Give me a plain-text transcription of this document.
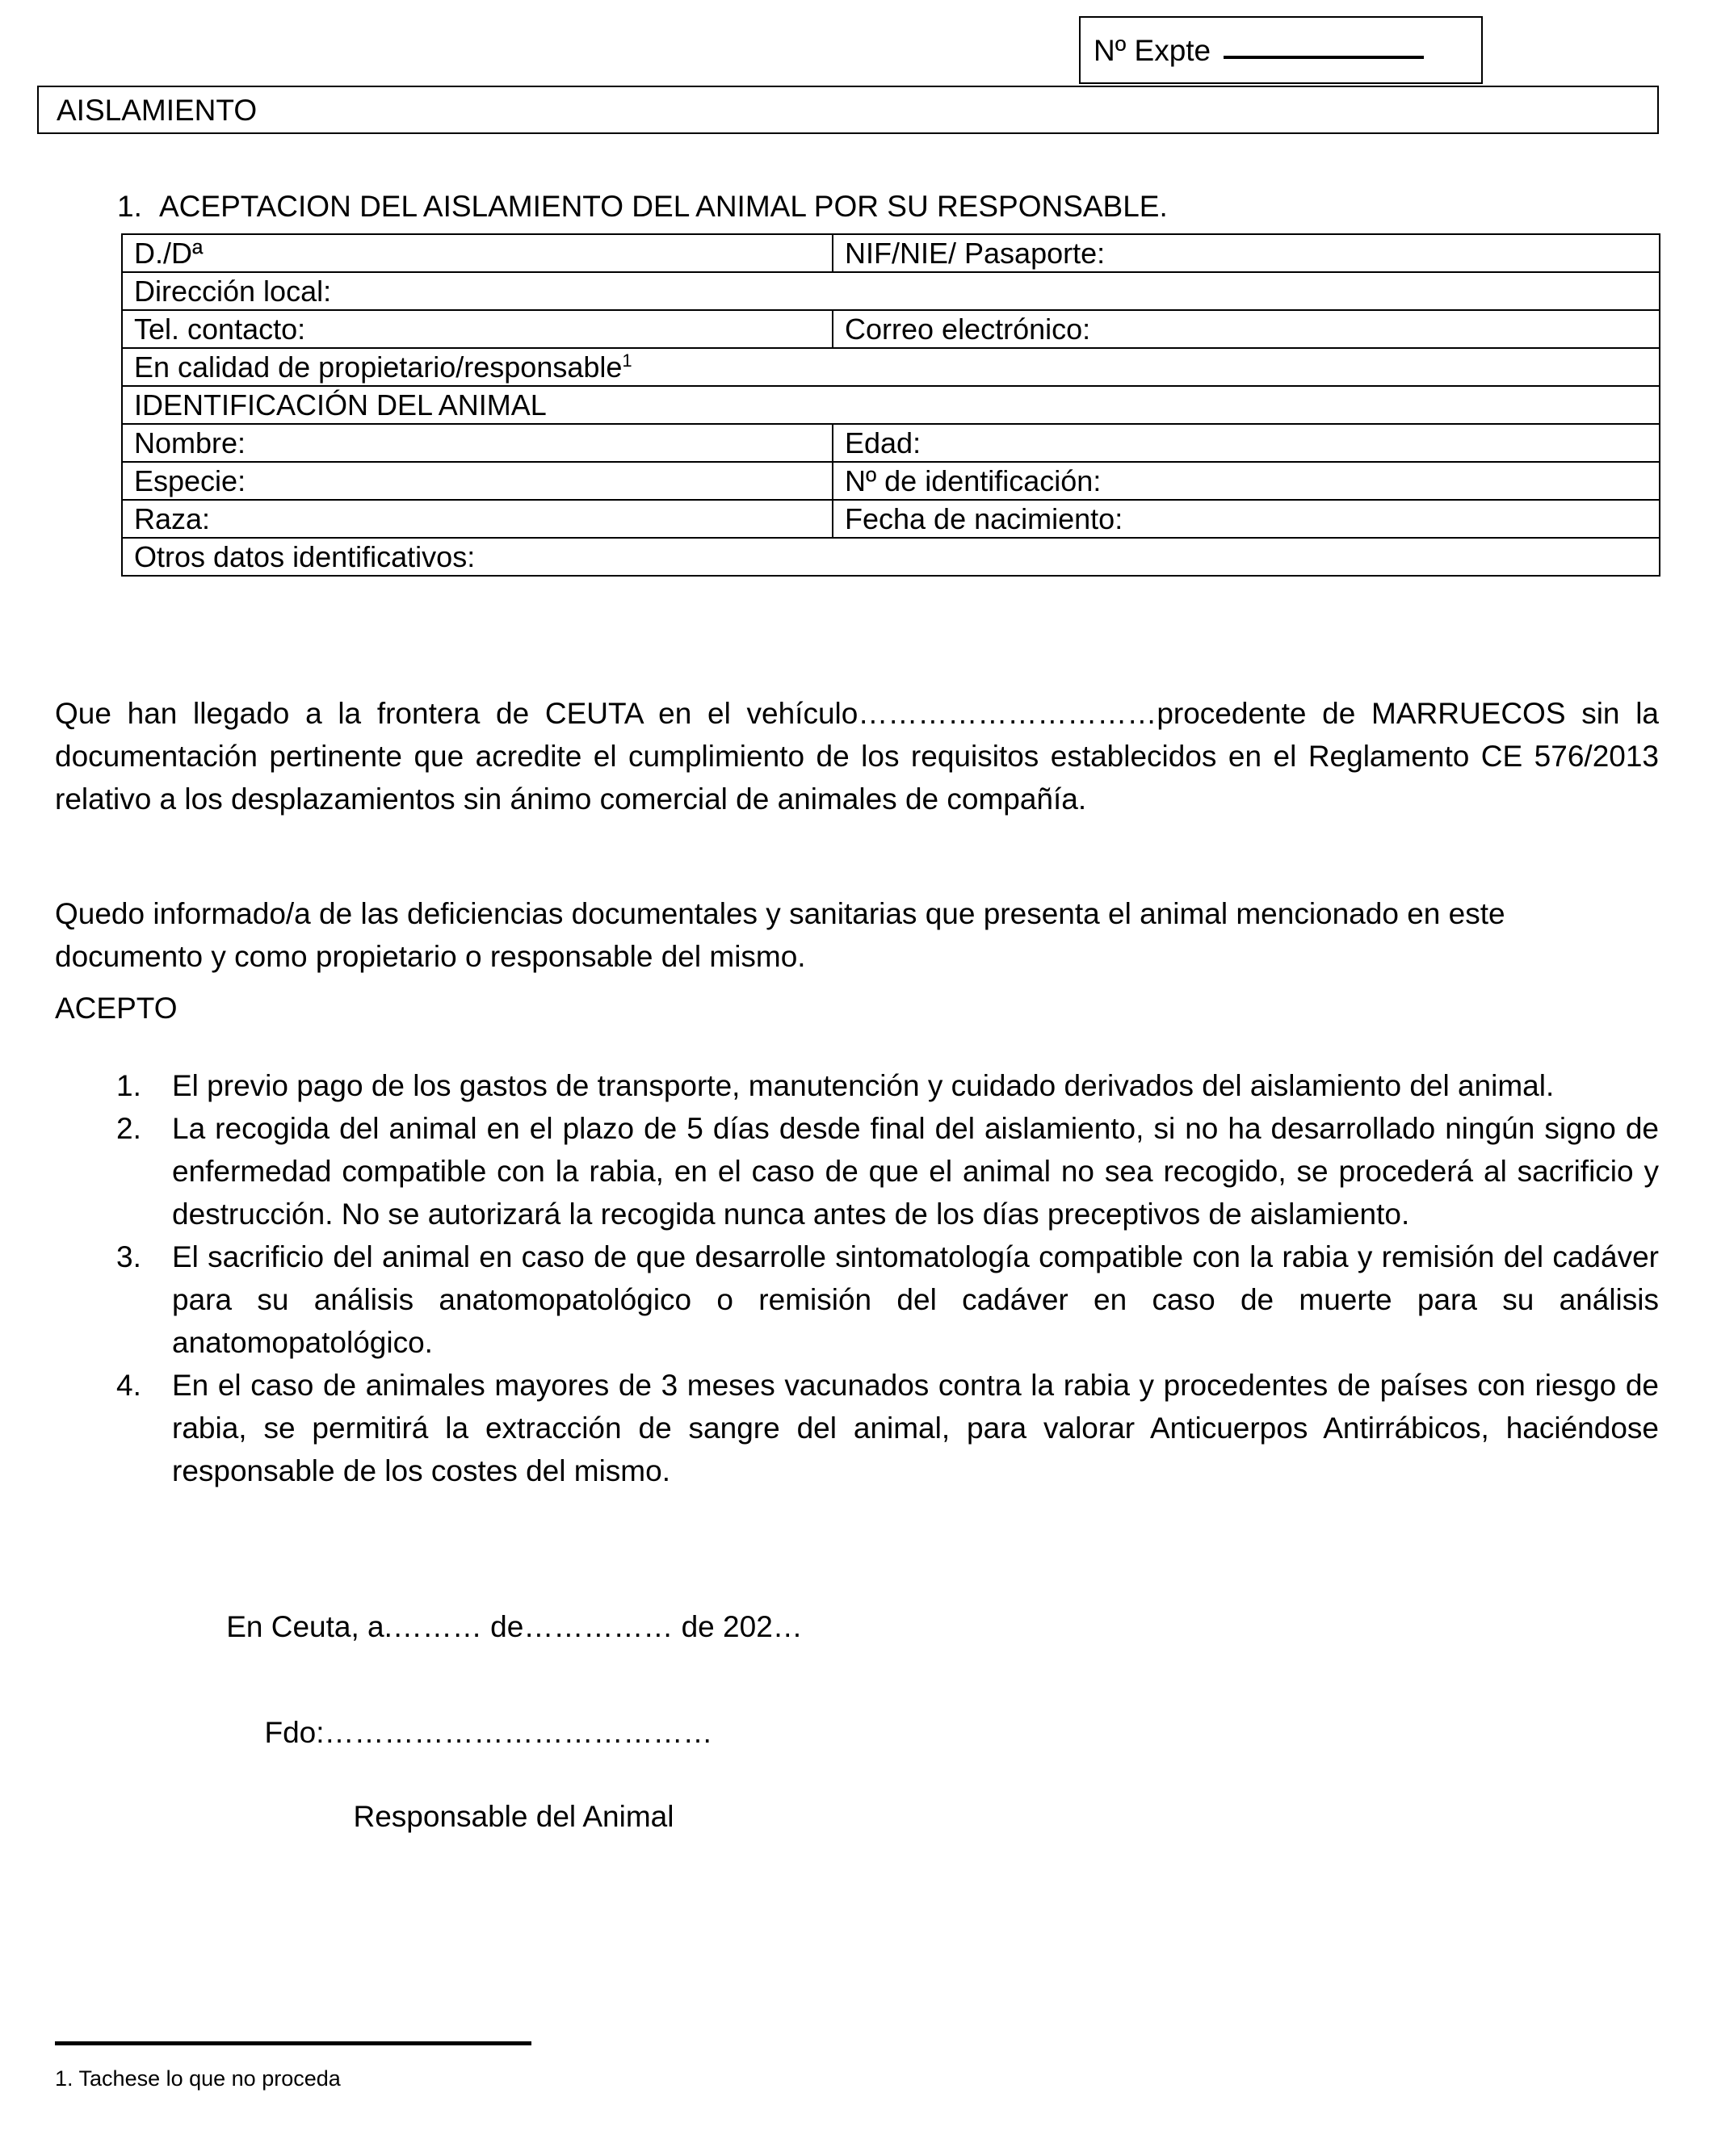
Nº Expte
AISLAMIENTO
1. ACEPTACION DEL AISLAMIENTO DEL ANIMAL POR SU RESPONSABLE.
D./Dª	NIF/NIE/ Pasaporte:
Dirección local:	
Tel. contacto:	Correo electrónico:
En calidad de propietario/responsable$^1$
IDENTIFICACIÓN DEL ANIMAL	
Nombre:	Edad:
Especie:	Nº de identificación:
Raza:	Fecha de nacimiento:
Otros datos identificativos:	

Que han llegado a la frontera de CEUTA en el vehículo…………………………procedente de MARRUECOS sin la documentación pertinente que acredite el cumplimiento de los requisitos establecidos en el Reglamento CE 576/2013 relativo a los desplazamientos sin ánimo comercial de animales de compañía.

Quedo informado/a de las deficiencias documentales y sanitarias que presenta el animal mencionado en este documento y como propietario o responsable del mismo.

ACEPTO
1.	El previo pago de los gastos de transporte, manutención y cuidado derivados del aislamiento del animal.
2.	La recogida del animal en el plazo de 5 días desde final del aislamiento, si no ha desarrollado ningún signo de enfermedad compatible con la rabia, en el caso de que el animal no sea recogido, se procederá al sacrificio y destrucción. No se autorizará la recogida nunca antes de los días preceptivos de aislamiento.
3.	El sacrificio del animal en caso de que desarrolle sintomatología compatible con la rabia y remisión del cadáver para su análisis anatomopatológico o remisión del cadáver en caso de muerte para su análisis anatomopatológico.
4.	En el caso de animales mayores de 3 meses vacunados contra la rabia y procedentes de países con riesgo de rabia, se permitirá la extracción de sangre del animal, para valorar Anticuerpos Antirrábicos, haciéndose responsable de los costes del mismo.
En Ceuta, a.……… de…………… de 202…
Fdo:…………………………………
Responsable del Animal
1. Tachese lo que no proceda
